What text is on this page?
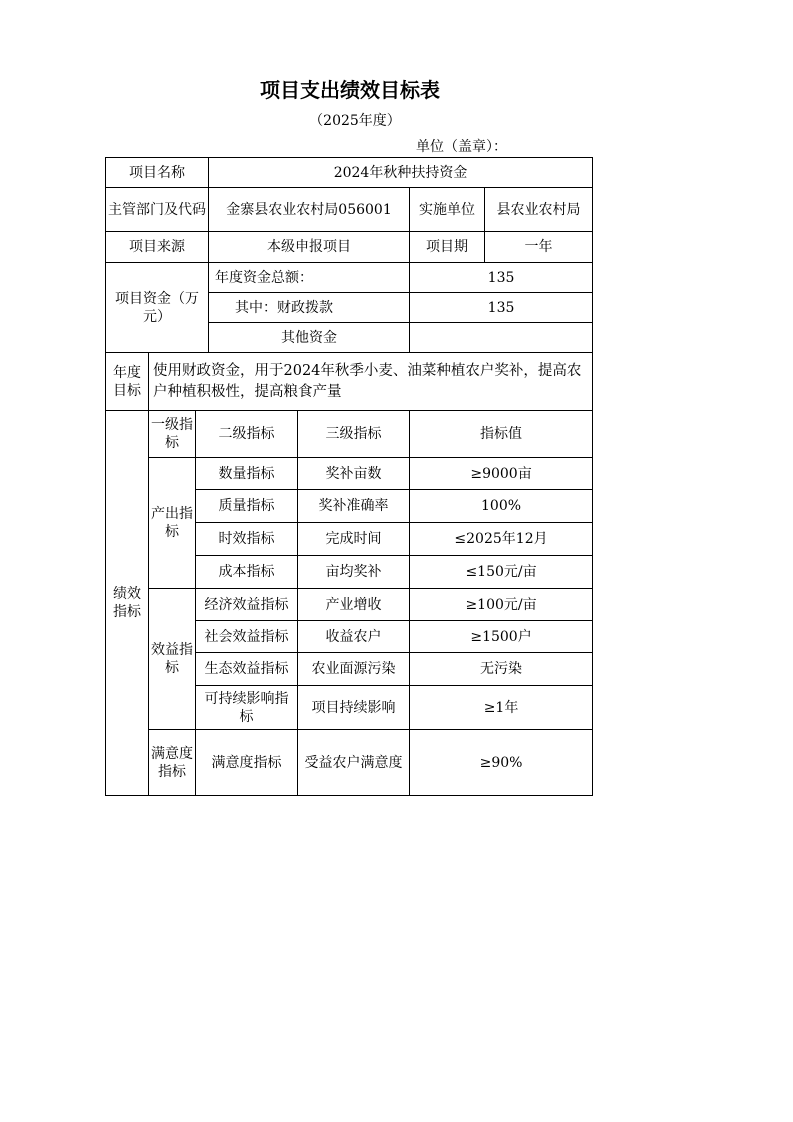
项目支出绩效目标表
（2025年度）
单位（盖章）：
项目名称			2024年秋种扶持资金			
主管部门及代码			金寨县农业农村局056001		实施单位	县农业农村局
项目来源			本级申报项目		项目期	一年
项目资金（万元）			年度资金总额：		135	
			其中：财政拨款		135	
			其他资金			
年度目标	使用财政资金，用于2024年秋季小麦、油菜种植农户奖补，提高农户种植积极性，提高粮食产量					
绩效指标	一级指标	二级指标		三级指标	指标值	
	产出指标	数量指标		奖补亩数	≥9000亩	
		质量指标		奖补准确率	100%	
		时效指标		完成时间	≤2025年12月	
		成本指标		亩均奖补	≤150元/亩	
	效益指标	经济效益指标		产业增收	≥100元/亩	
		社会效益指标		收益农户	≥1500户	
		生态效益指标		农业面源污染	无污染	
		可持续影响指标		项目持续影响	≥1年	
	满意度指标	满意度指标		受益农户满意度	≥90%	
